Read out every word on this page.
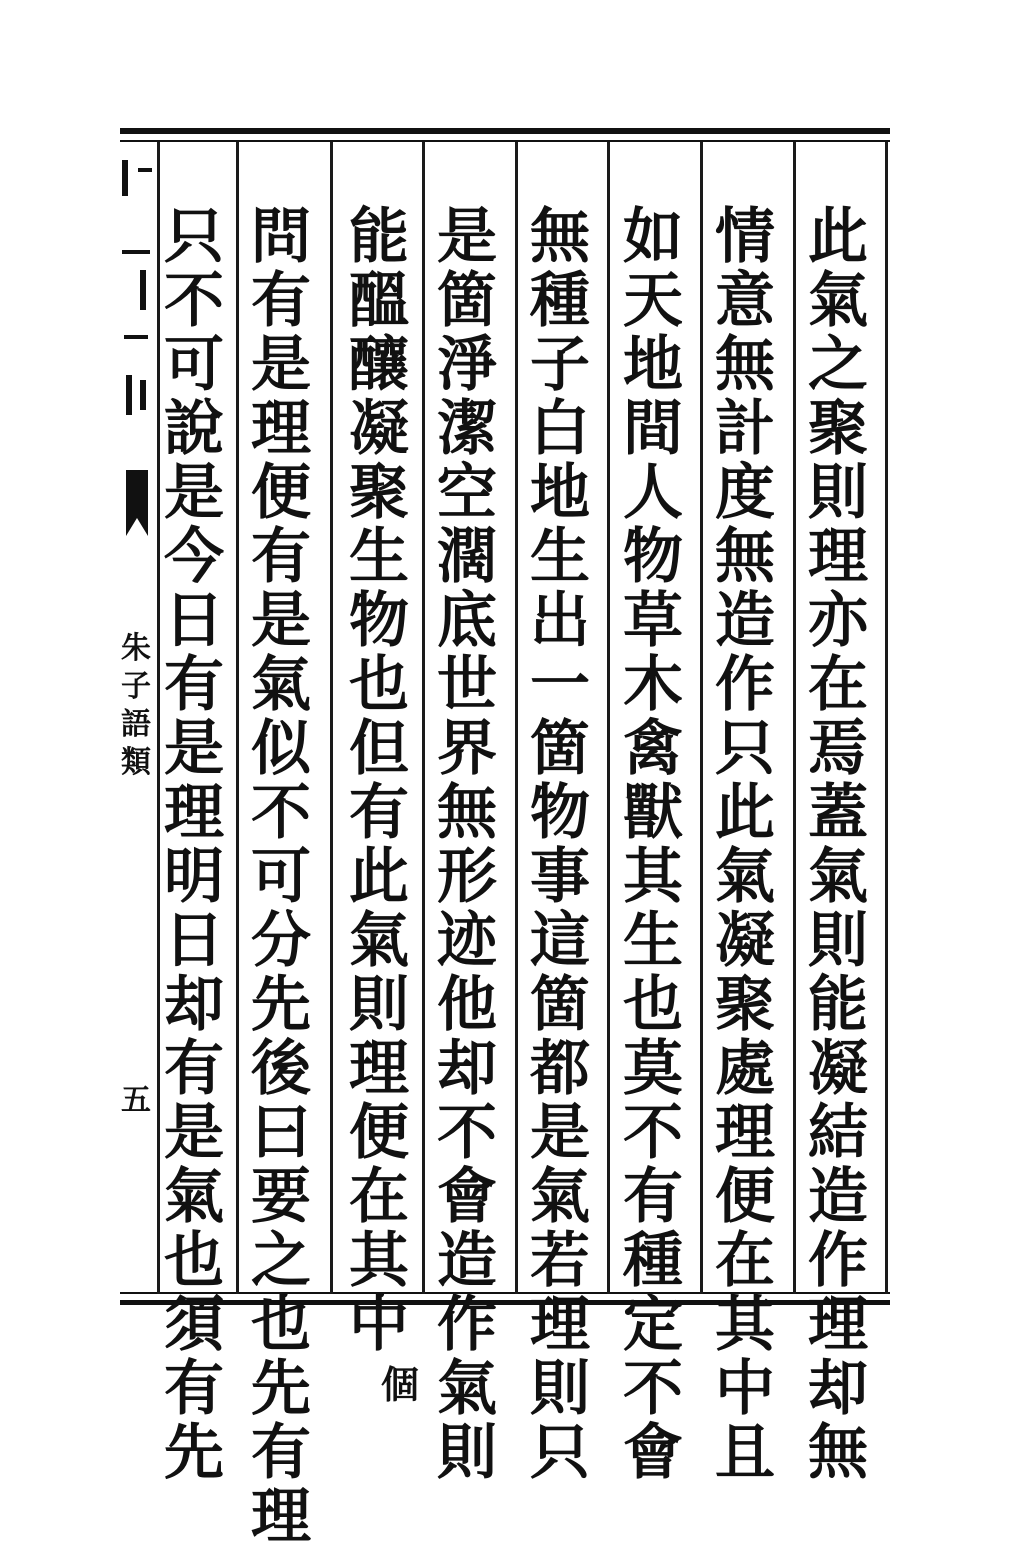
朱
子
語
類
五
此
氣
之
聚
則
理
亦
在
焉
蓋
氣
則
能
凝
結
造
作
理
却
無
情
意
無
計
度
無
造
作
只
此
氣
凝
聚
處
理
便
在
其
中
且
如
天
地
間
人
物
草
木
禽
獸
其
生
也
莫
不
有
種
定
不
會
無
種
子
白
地
生
出
一
箇
物
事
這
箇
都
是
氣
若
理
則
只
是
箇
淨
潔
空
濶
底
世
界
無
形
迹
他
却
不
會
造
作
氣
則
能
醞
釀
凝
聚
生
物
也
但
有
此
氣
則
理
便
在
其
中
個
問
有
是
理
便
有
是
氣
似
不
可
分
先
後
曰
要
之
也
先
有
理
只
不
可
說
是
今
日
有
是
理
明
日
却
有
是
氣
也
須
有
先
